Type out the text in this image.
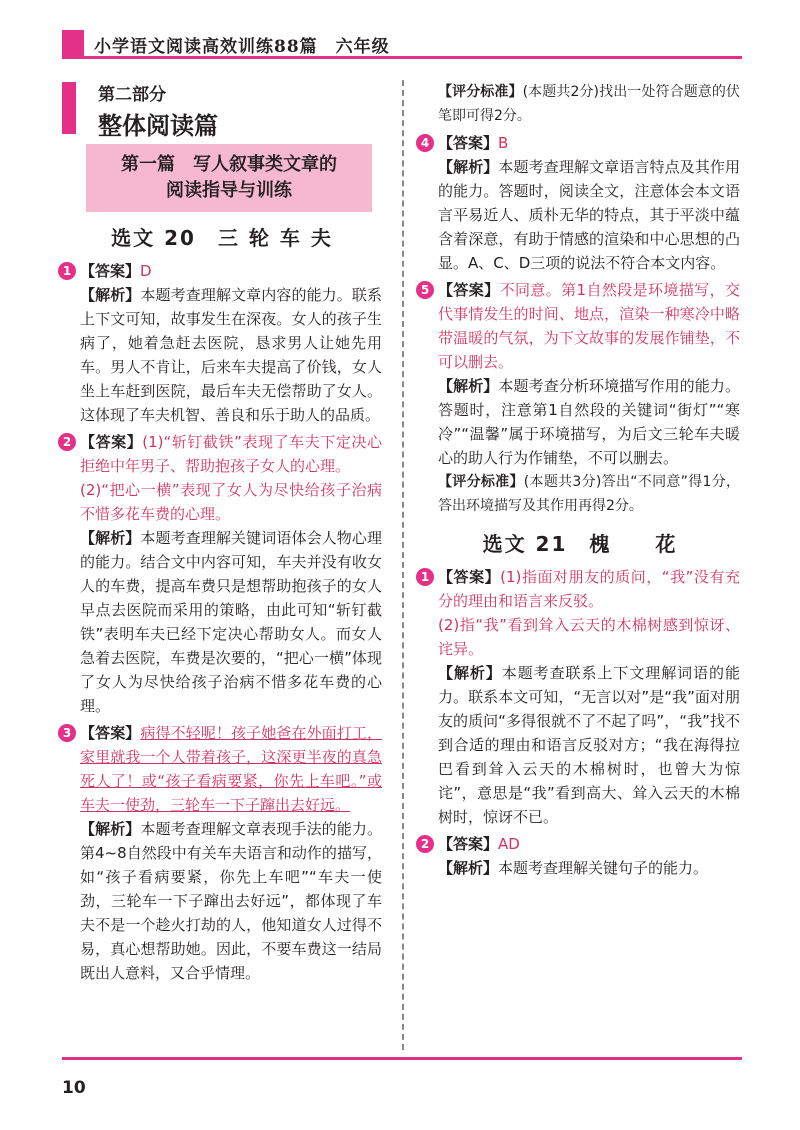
小学语文阅读高效训练88篇　六年级
第二部分
整体阅读篇
第一篇　写人叙事类文章的
阅读指导与训练
选文 20　三 轮 车 夫
1 【答案】D

【解析】本题考查理解文章内容的能力。联系上下文可知，故事发生在深夜。女人的孩子生病了，她着急赶去医院，恳求男人让她先用车。男人不肯让，后来车夫提高了价钱，女人坐上车赶到医院，最后车夫无偿帮助了女人。这体现了车夫机智、善良和乐于助人的品质。

2 【答案】(1)“斩钉截铁”表现了车夫下定决心拒绝中年男子、帮助抱孩子女人的心理。

(2)“把心一横”表现了女人为尽快给孩子治病不惜多花车费的心理。

【解析】本题考查理解关键词语体会人物心理的能力。结合文中内容可知，车夫并没有收女人的车费，提高车费只是想帮助抱孩子的女人早点去医院而采用的策略，由此可知“斩钉截铁”表明车夫已经下定决心帮助女人。而女人急着去医院，车费是次要的，“把心一横”体现了女人为尽快给孩子治病不惜多花车费的心理。

3 【答案】病得不轻呢！孩子她爸在外面打工，家里就我一个人带着孩子，这深更半夜的真急死人了！或“孩子看病要紧，你先上车吧。”或车夫一使劲，三轮车一下子蹿出去好远。

【解析】本题考查理解文章表现手法的能力。第4~8自然段中有关车夫语言和动作的描写，如“孩子看病要紧，你先上车吧”“车夫一使劲，三轮车一下子蹿出去好远”，都体现了车夫不是一个趁火打劫的人，他知道女人过得不易，真心想帮助她。因此，不要车费这一结局既出人意料，又合乎情理。

【评分标准】(本题共2分)找出一处符合题意的伏笔即可得2分。

4 【答案】B

【解析】本题考查理解文章语言特点及其作用的能力。答题时，阅读全文，注意体会本文语言平易近人、质朴无华的特点，其于平淡中蕴含着深意，有助于情感的渲染和中心思想的凸显。A、C、D三项的说法不符合本文内容。

5 【答案】不同意。第1自然段是环境描写，交代事情发生的时间、地点，渲染一种寒冷中略带温暖的气氛，为下文故事的发展作铺垫，不可以删去。

【解析】本题考查分析环境描写作用的能力。答题时，注意第1自然段的关键词“街灯”“寒冷”“温馨”属于环境描写，为后文三轮车夫暖心的助人行为作铺垫，不可以删去。

【评分标准】(本题共3分)答出“不同意”得1分，答出环境描写及其作用再得2分。

选文 21　槐　　花
1 【答案】(1)指面对朋友的质问，“我”没有充分的理由和语言来反驳。

(2)指“我”看到耸入云天的木棉树感到惊讶、诧异。

【解析】本题考查联系上下文理解词语的能力。联系本文可知，“无言以对”是“我”面对朋友的质问“多得很就不了不起了吗”，“我”找不到合适的理由和语言反驳对方；“我在海得拉巴看到耸入云天的木棉树时，也曾大为惊诧”，意思是“我”看到高大、耸入云天的木棉树时，惊讶不已。

2 【答案】AD

【解析】本题考查理解关键句子的能力。

10
